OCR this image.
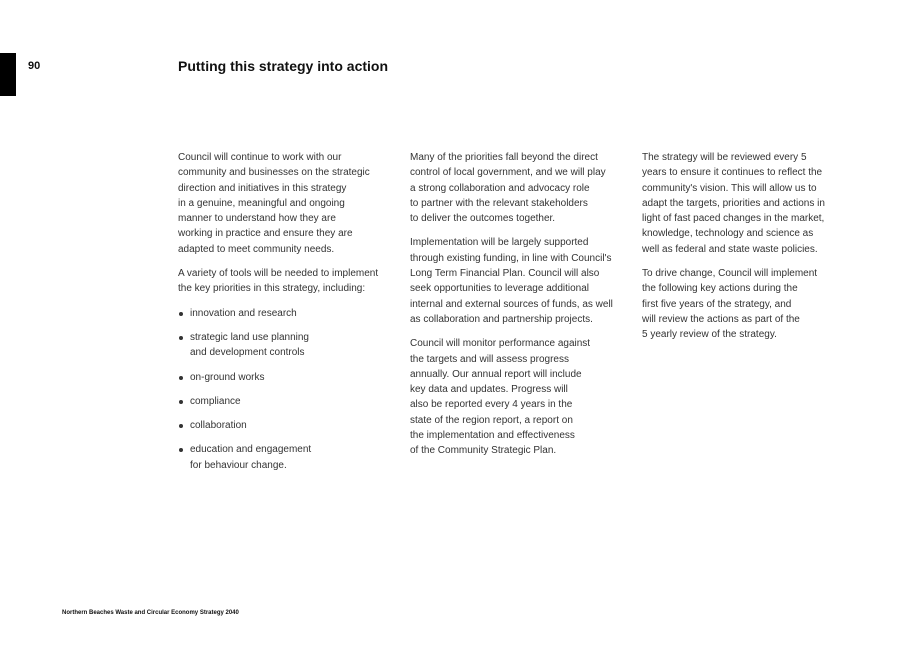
90	Putting this strategy into action

Council will continue to work with our
community and businesses on the strategic
direction and initiatives in this strategy
in a genuine, meaningful and ongoing
manner to understand how they are
working in practice and ensure they are
adapted to meet community needs.

A variety of tools will be needed to implement
the key priorities in this strategy, including:

innovation and research
strategic land use planning
and development controls
on-ground works
compliance
collaboration
education and engagement
for behaviour change.

Many of the priorities fall beyond the direct
control of local government, and we will play
a strong collaboration and advocacy role
to partner with the relevant stakeholders
to deliver the outcomes together.

Implementation will be largely supported
through existing funding, in line with Council's
Long Term Financial Plan. Council will also
seek opportunities to leverage additional
internal and external sources of funds, as well
as collaboration and partnership projects.

Council will monitor performance against
the targets and will assess progress
annually. Our annual report will include
key data and updates. Progress will
also be reported every 4 years in the
state of the region report, a report on
the implementation and effectiveness
of the Community Strategic Plan.

The strategy will be reviewed every 5
years to ensure it continues to reflect the
community's vision. This will allow us to
adapt the targets, priorities and actions in
light of fast paced changes in the market,
knowledge, technology and science as
well as federal and state waste policies.

To drive change, Council will implement
the following key actions during the
first five years of the strategy, and
will review the actions as part of the
5 yearly review of the strategy.

Northern Beaches Waste and Circular Economy Strategy 2040
